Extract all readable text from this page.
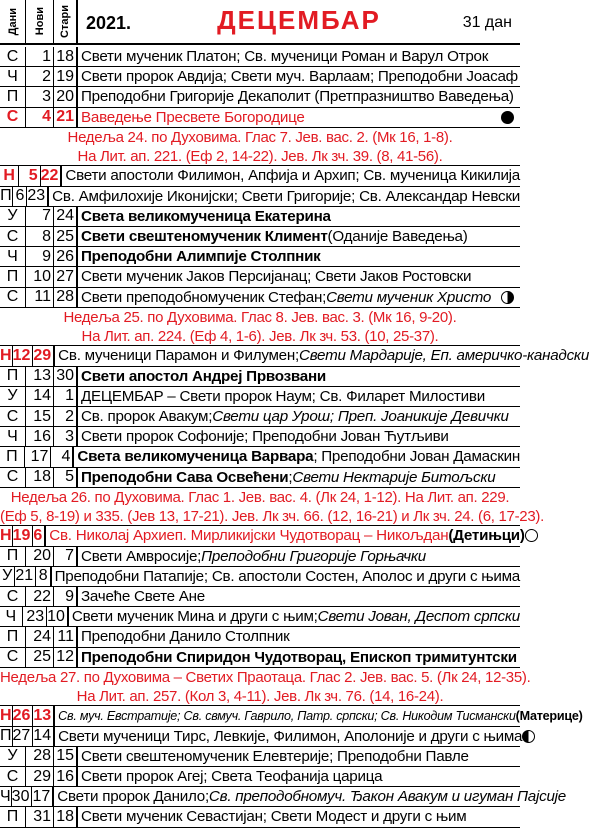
Дани Нови Стари 2021.	ДЕЦЕМБАР	31 дан
С	1 18 Свети мученик Платон; Св. мученици Роман и Варул Отрок
Ч	2 19 Свети пророк Авдија; Свети муч. Варлаам; Преподобни Јоасаф
П	3 20 Преподобни Григорије Декаполит (Претпразништво Ваведења)
С	4 21 Ваведење Пресвете Богородице
Недеља 24. по Духовима. Глас 7. Јев. вас. 2. (Мк 16, 1-8).
На Лит. ап. 221. (Еф 2, 14-22). Јев. Лк зч. 39. (8, 41-56).
Н 5 22 Свети апостоли Филимон, Апфија и Архип; Св. мученица Кикилија
П 6 23 Св. Амфилохије Иконијски; Свети Григорије; Св. Александар Невски
У	7 24 Света великомученица Екатерина
С	8 25 Свети свештеномученик Климент (Оданије Ваведења)
Ч	9 26 Преподобни Алимпије Столпник
П 10 27 Свети мученик Јаков Персијанац; Свети Јаков Ростовски
С	11 28 Свети преподобномученик Стефан; Свети мученик Христо
Недеља 25. по Духовима. Глас 8. Јев. вас. 3. (Мк 16, 9-20).
На Лит. ап. 224. (Еф 4, 1-6). Јев. Лк зч. 53. (10, 25-37).
Н 12 29 Св. мученици Парамон и Филумен; Свети Мардарије, Еп. америчко-канадски
П 13 30 Свети апостол Андреј Првозвани
У 14 1 ДЕЦЕМБАР – Свети пророк Наум; Св. Филарет Милостиви
С 15 2 Св. пророк Авакум; Свети цар Урош; Преп. Јоаникије Девички
Ч 16 3 Свети пророк Софоније; Преподобни Јован Ћутљиви
П 17 4 Света великомученица Варвара ; Преподобни Јован Дамаскин
С 18 5 Преподобни Сава Освећени ; Свети Нектарије Битољски
Недеља 26. по Духовима. Глас 1. Јев. вас. 4. (Лк 24, 1-12). На Лит. ап. 229.
(Еф 5, 8-19) и 335. (Јев 13, 17-21). Јев. Лк зч. 66. (12, 16-21) и Лк зч. 24. (6, 17-23).
Н 19 6 Св. Николај Архиеп. Мирликијски Чудотворац – Никољдан (Детињци)
П 20 7 Свети Амвросије; Преподобни Григорије Горњачки
У 21 8 Преподобни Патапије; Св. апостоли Состен, Аполос и други с њима
С 22 9 Зачеће Свете Ане
Ч 23 10 Свети мученик Мина и други с њим; Свети Јован, Деспот српски
П 24 11 Преподобни Данило Столпник
С 25 12 Преподобни Спиридон Чудотворац, Епископ тримитунтски
Недеља 27. по Духовима – Светих Праотаца. Глас 2. Јев. вас. 5. (Лк 24, 12-35).
На Лит. ап. 257. (Кол 3, 4-11). Јев. Лк зч. 76. (14, 16-24).
Н 26 13 Св. муч. Евстратије; Св. свмуч. Гаврило, Патр. српски; Св. Никодим Тисмански (Материце)
П 27 14 Свети мученици Тирс, Левкије, Филимон, Аполоније и други с њима
У 28 15 Свети свештеномученик Елевтерије; Преподобни Павле
С 29 16 Свети пророк Агеј; Света Теофанија царица
Ч 30 17 Свети пророк Данило; Св. преподобномуч. Ђакон Авакум и игуман Пајсије
П 31 18 Свети мученик Севастијан; Свети Модест и други с њим
